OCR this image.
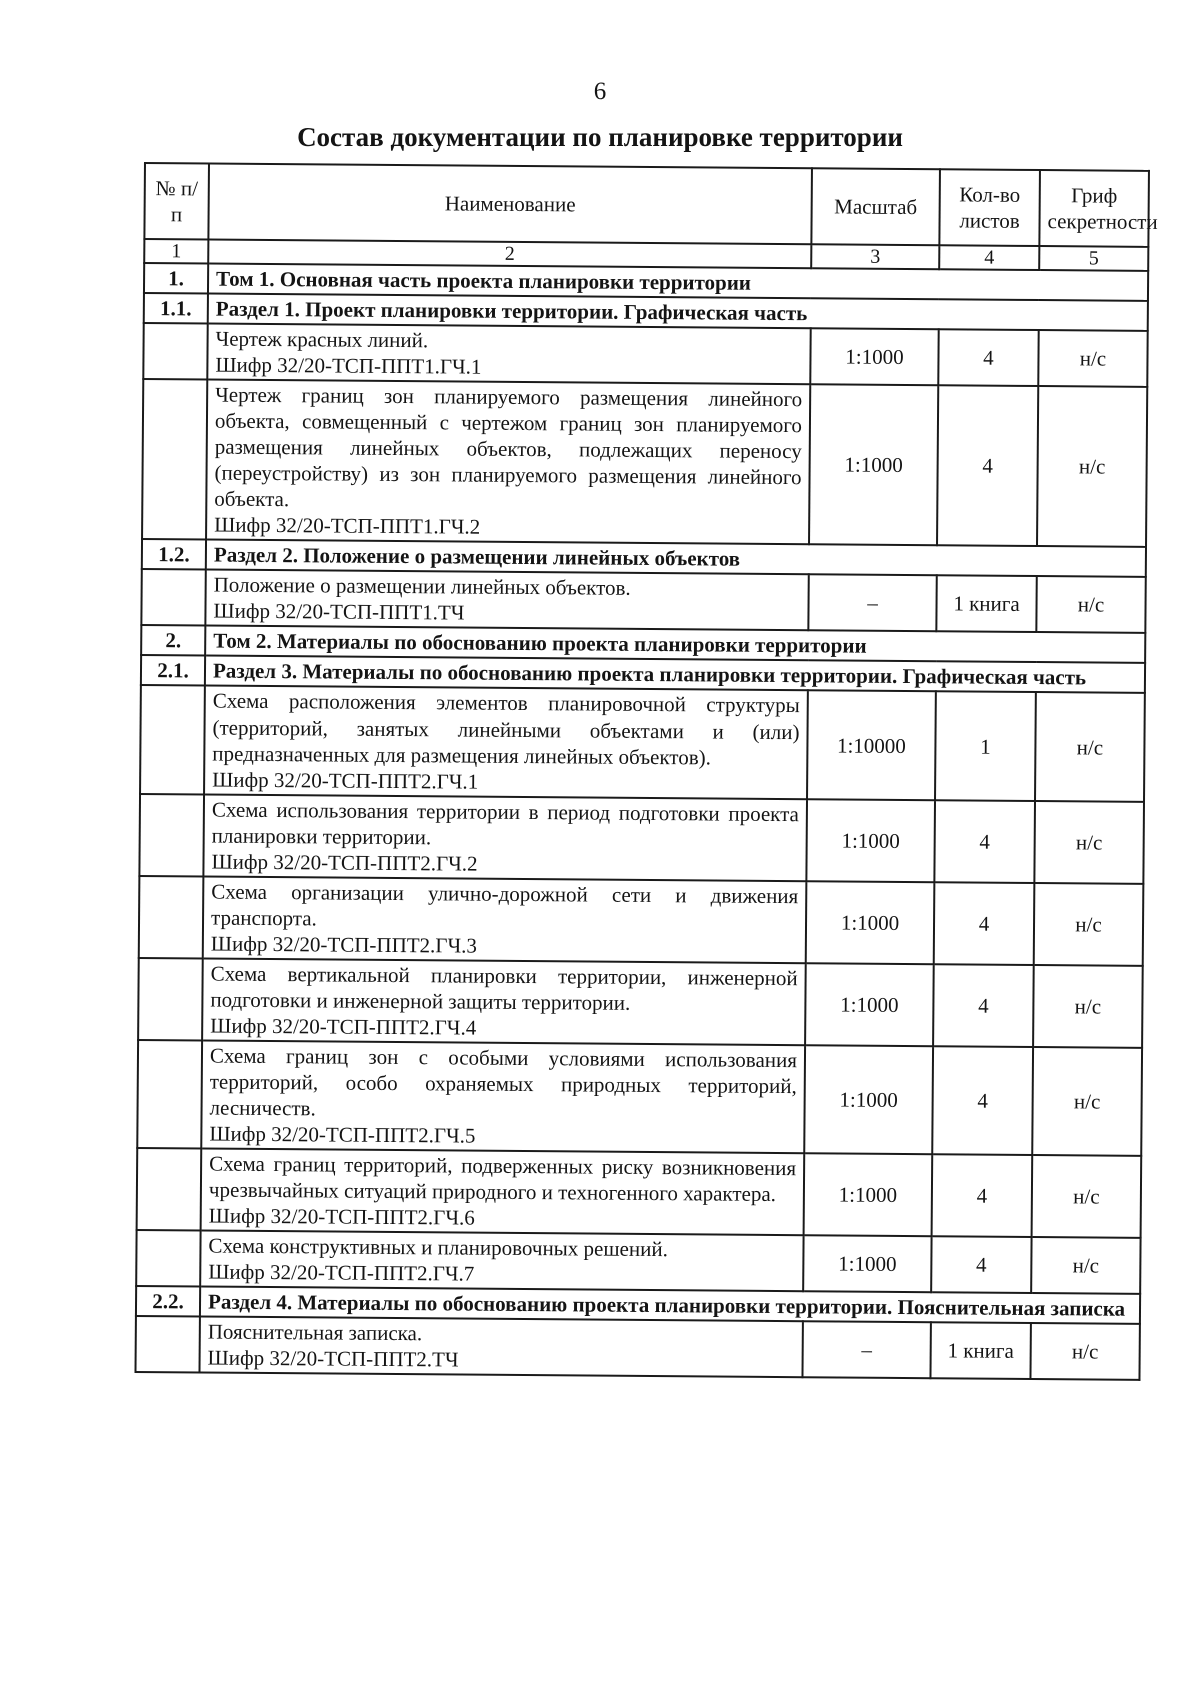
6
Состав документации по планировке территории
№ п/п	Наименование	Масштаб	Кол-во листов	Гриф секретности
1	2	3	4	5
1.	Том 1. Основная часть проекта планировки территории			
1.1.	Раздел 1. Проект планировки территории. Графическая часть			
	Чертеж красных линий.
Шифр 32/20-ТСП-ППТ1.ГЧ.1	1:1000	4	н/с
	Чертеж границ зон планируемого размещения линейного объекта, совмещенный с чертежом границ зон планируемого размещения линейных объектов, подлежащих переносу (переустройству) из зон планируемого размещения линейного объекта.
Шифр 32/20-ТСП-ППТ1.ГЧ.2	1:1000	4	н/с
1.2.	Раздел 2. Положение о размещении линейных объектов			
	Положение о размещении линейных объектов.
Шифр 32/20-ТСП-ППТ1.ТЧ	–	1 книга	н/с
2.	Том 2. Материалы по обоснованию проекта планировки территории			
2.1.	Раздел 3. Материалы по обоснованию проекта планировки территории. Графическая часть			
	Схема расположения элементов планировочной структуры (территорий, занятых линейными объектами и (или) предназначенных для размещения линейных объектов).
Шифр 32/20-ТСП-ППТ2.ГЧ.1	1:10000	1	н/с
	Схема использования территории в период подготовки проекта планировки территории.
Шифр 32/20-ТСП-ППТ2.ГЧ.2	1:1000	4	н/с
	Схема организации улично-дорожной сети и движения транспорта.
Шифр 32/20-ТСП-ППТ2.ГЧ.3	1:1000	4	н/с
	Схема вертикальной планировки территории, инженерной подготовки и инженерной защиты территории.
Шифр 32/20-ТСП-ППТ2.ГЧ.4	1:1000	4	н/с
	Схема границ зон с особыми условиями использования территорий, особо охраняемых природных территорий, лесничеств.
Шифр 32/20-ТСП-ППТ2.ГЧ.5	1:1000	4	н/с
	Схема границ территорий, подверженных риску возникновения чрезвычайных ситуаций природного и техногенного характера.
Шифр 32/20-ТСП-ППТ2.ГЧ.6	1:1000	4	н/с
	Схема конструктивных и планировочных решений.
Шифр 32/20-ТСП-ППТ2.ГЧ.7	1:1000	4	н/с
2.2.	Раздел 4. Материалы по обоснованию проекта планировки территории. Пояснительная записка			
	Пояснительная записка.
Шифр 32/20-ТСП-ППТ2.ТЧ	–	1 книга	н/с
